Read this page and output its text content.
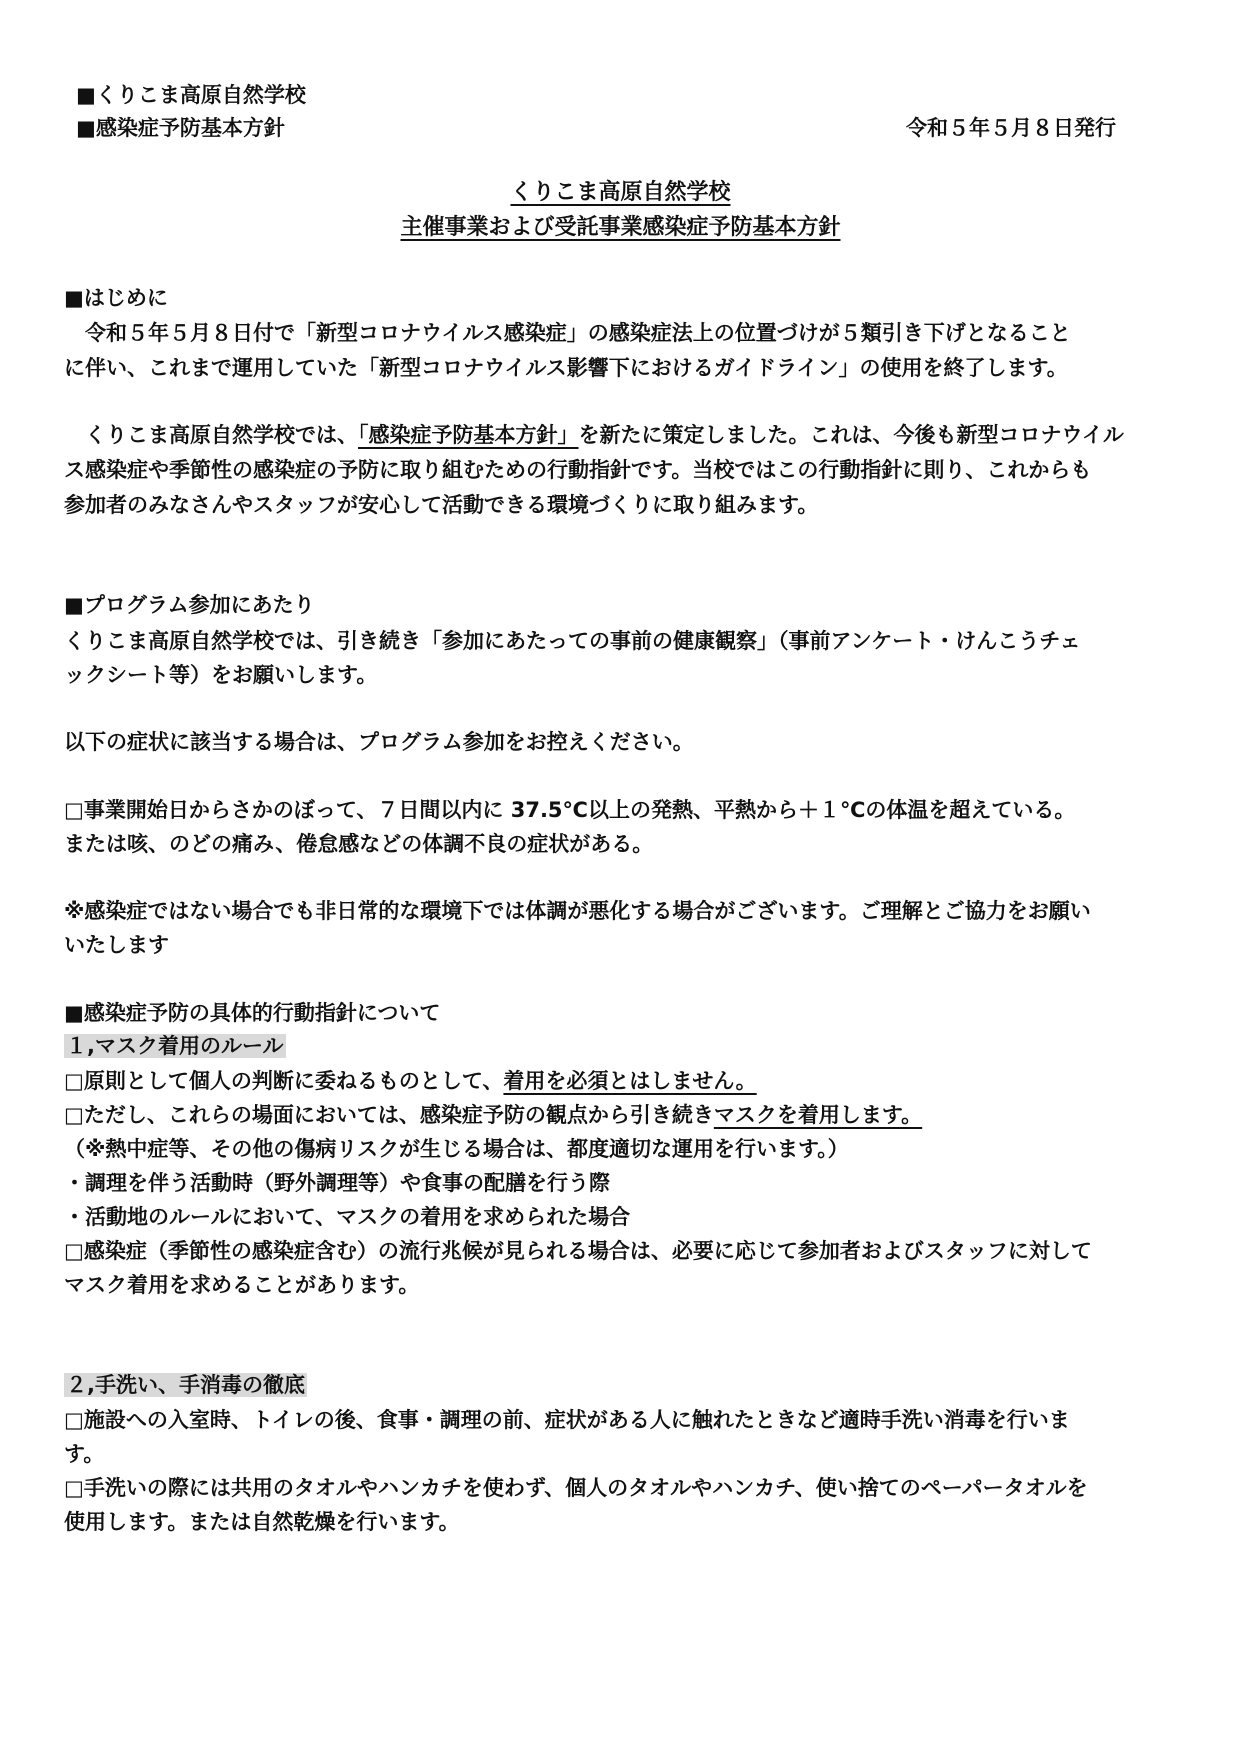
■くりこま高原自然学校
■感染症予防基本方針	令和５年５月８日発行
くりこま高原自然学校
主催事業および受託事業感染症予防基本方針
■はじめに
　令和５年５月８日付で「新型コロナウイルス感染症」の感染症法上の位置づけが５類引き下げとなること
に伴い、これまで運用していた「新型コロナウイルス影響下におけるガイドライン」の使用を終了します。
　くりこま高原自然学校では、「感染症予防基本方針」を新たに策定しました。これは、今後も新型コロナウイル
ス感染症や季節性の感染症の予防に取り組むための行動指針です。当校ではこの行動指針に則り、これからも
参加者のみなさんやスタッフが安心して活動できる環境づくりに取り組みます。
■プログラム参加にあたり
くりこま高原自然学校では、引き続き「参加にあたっての事前の健康観察」（事前アンケート・けんこうチェ
ックシート等）をお願いします。
以下の症状に該当する場合は、プログラム参加をお控えください。
□事業開始日からさかのぼって、７日間以内に 37.5℃以上の発熱、平熱から＋１℃の体温を超えている。
または咳、のどの痛み、倦怠感などの体調不良の症状がある。
※感染症ではない場合でも非日常的な環境下では体調が悪化する場合がございます。ご理解とご協力をお願い
いたします
■感染症予防の具体的行動指針について
１,マスク着用のルール
□原則として個人の判断に委ねるものとして、着用を必須とはしません。
□ただし、これらの場面においては、感染症予防の観点から引き続きマスクを着用します。
（※熱中症等、その他の傷病リスクが生じる場合は、都度適切な運用を行います。）
・調理を伴う活動時（野外調理等）や食事の配膳を行う際
・活動地のルールにおいて、マスクの着用を求められた場合
□感染症（季節性の感染症含む）の流行兆候が見られる場合は、必要に応じて参加者およびスタッフに対して
マスク着用を求めることがあります。
２,手洗い、手消毒の徹底
□施設への入室時、トイレの後、食事・調理の前、症状がある人に触れたときなど適時手洗い消毒を行いま
す。
□手洗いの際には共用のタオルやハンカチを使わず、個人のタオルやハンカチ、使い捨てのペーパータオルを
使用します。または自然乾燥を行います。
